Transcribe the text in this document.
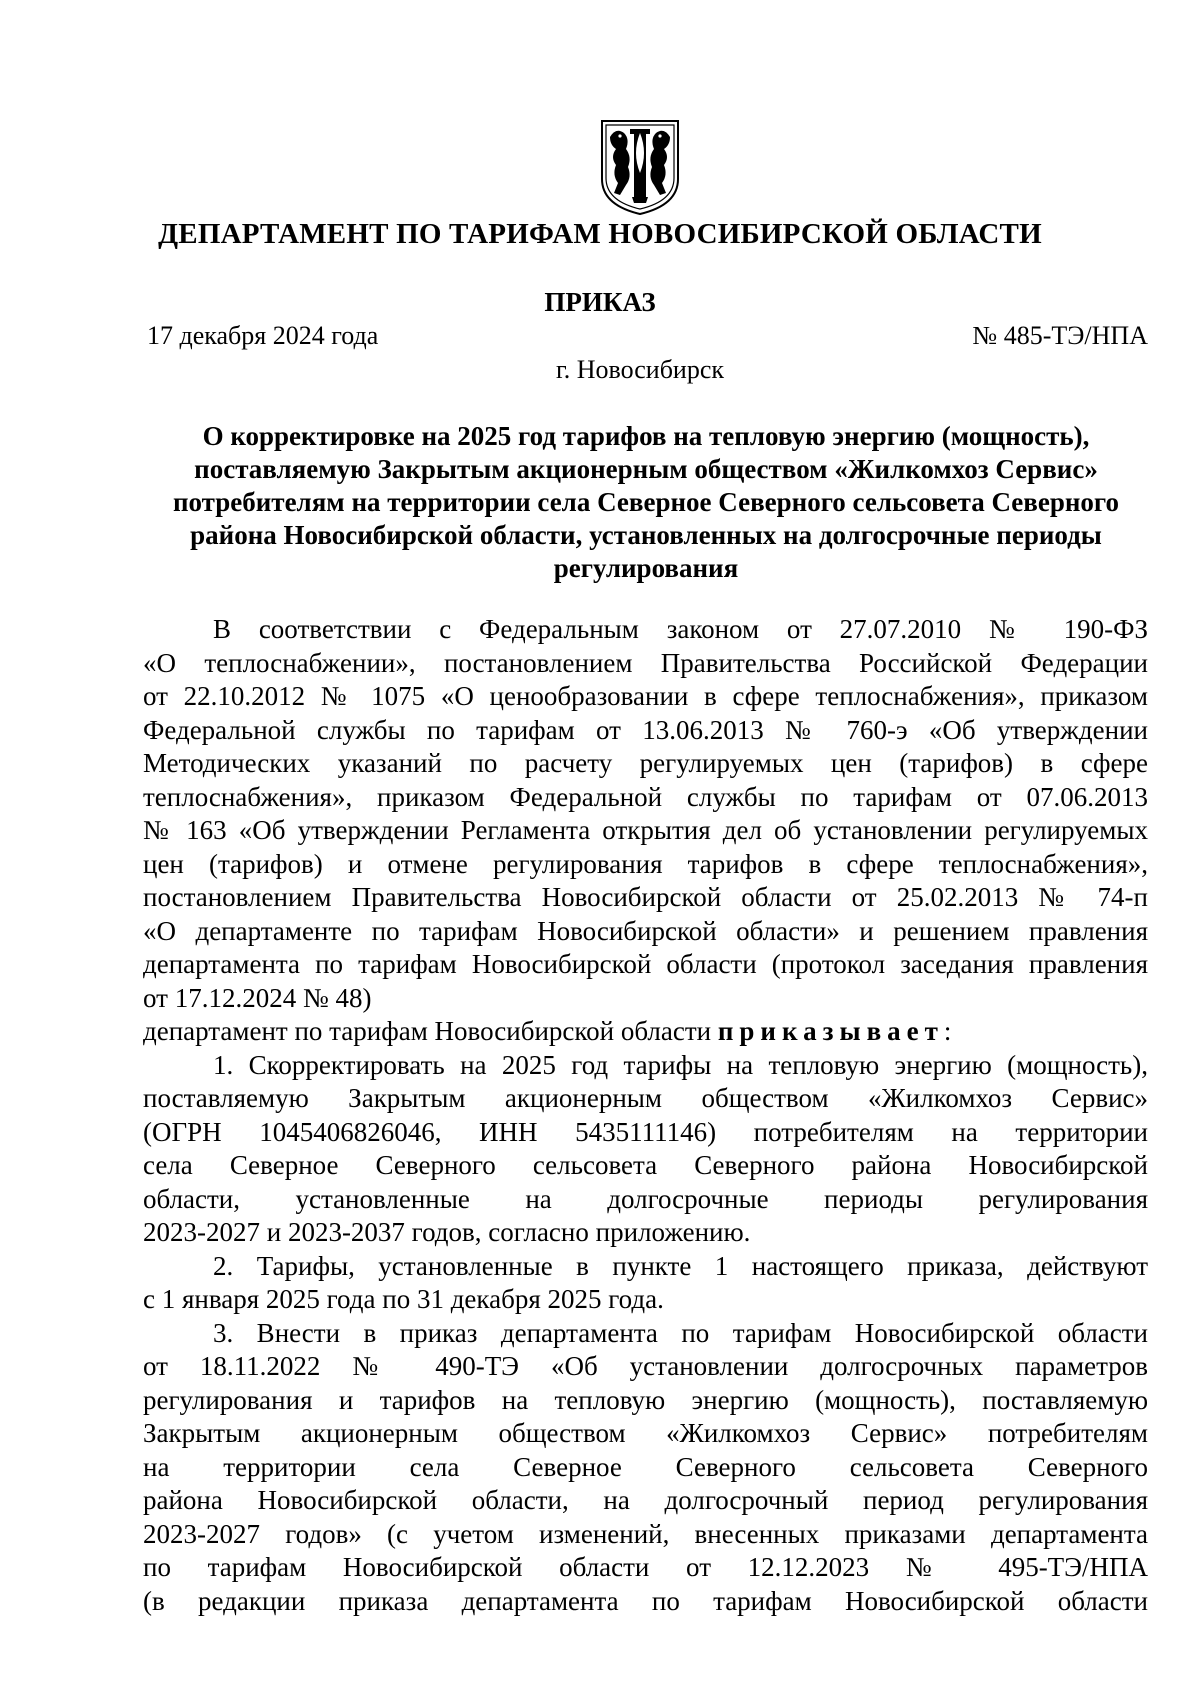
ДЕПАРТАМЕНТ ПО ТАРИФАМ НОВОСИБИРСКОЙ ОБЛАСТИ
ПРИКАЗ
17 декабря 2024 года	№ 485-ТЭ/НПА
г. Новосибирск
О корректировке на 2025 год тарифов на тепловую энергию (мощность),
поставляемую Закрытым акционерным обществом «Жилкомхоз Сервис»
потребителям на территории села Северное Северного сельсовета Северного
района Новосибирской области, установленных на долгосрочные периоды
регулирования
В соответствии с Федеральным законом от 27.07.2010 № 190-ФЗ
«О теплоснабжении», постановлением Правительства Российской Федерации
от 22.10.2012 № 1075 «О ценообразовании в сфере теплоснабжения», приказом
Федеральной службы по тарифам от 13.06.2013 № 760-э «Об утверждении
Методических указаний по расчету регулируемых цен (тарифов) в сфере
теплоснабжения», приказом Федеральной службы по тарифам от 07.06.2013
№ 163 «Об утверждении Регламента открытия дел об установлении регулируемых
цен (тарифов) и отмене регулирования тарифов в сфере теплоснабжения»,
постановлением Правительства Новосибирской области от 25.02.2013 № 74-п
«О департаменте по тарифам Новосибирской области» и решением правления
департамента по тарифам Новосибирской области (протокол заседания правления
от 17.12.2024 № 48)
департамент по тарифам Новосибирской области приказывает:
1. Скорректировать на 2025 год тарифы на тепловую энергию (мощность),
поставляемую Закрытым акционерным обществом «Жилкомхоз Сервис»
(ОГРН 1045406826046, ИНН 5435111146) потребителям на территории
села Северное Северного сельсовета Северного района Новосибирской
области, установленные на долгосрочные периоды регулирования
2023-2027 и 2023-2037 годов, согласно приложению.
2. Тарифы, установленные в пункте 1 настоящего приказа, действуют
с 1 января 2025 года по 31 декабря 2025 года.
3. Внести в приказ департамента по тарифам Новосибирской области
от 18.11.2022 № 490-ТЭ «Об установлении долгосрочных параметров
регулирования и тарифов на тепловую энергию (мощность), поставляемую
Закрытым акционерным обществом «Жилкомхоз Сервис» потребителям
на территории села Северное Северного сельсовета Северного
района Новосибирской области, на долгосрочный период регулирования
2023-2027 годов» (с учетом изменений, внесенных приказами департамента
по тарифам Новосибирской области от 12.12.2023 № 495-ТЭ/НПА
(в редакции приказа департамента по тарифам Новосибирской области
